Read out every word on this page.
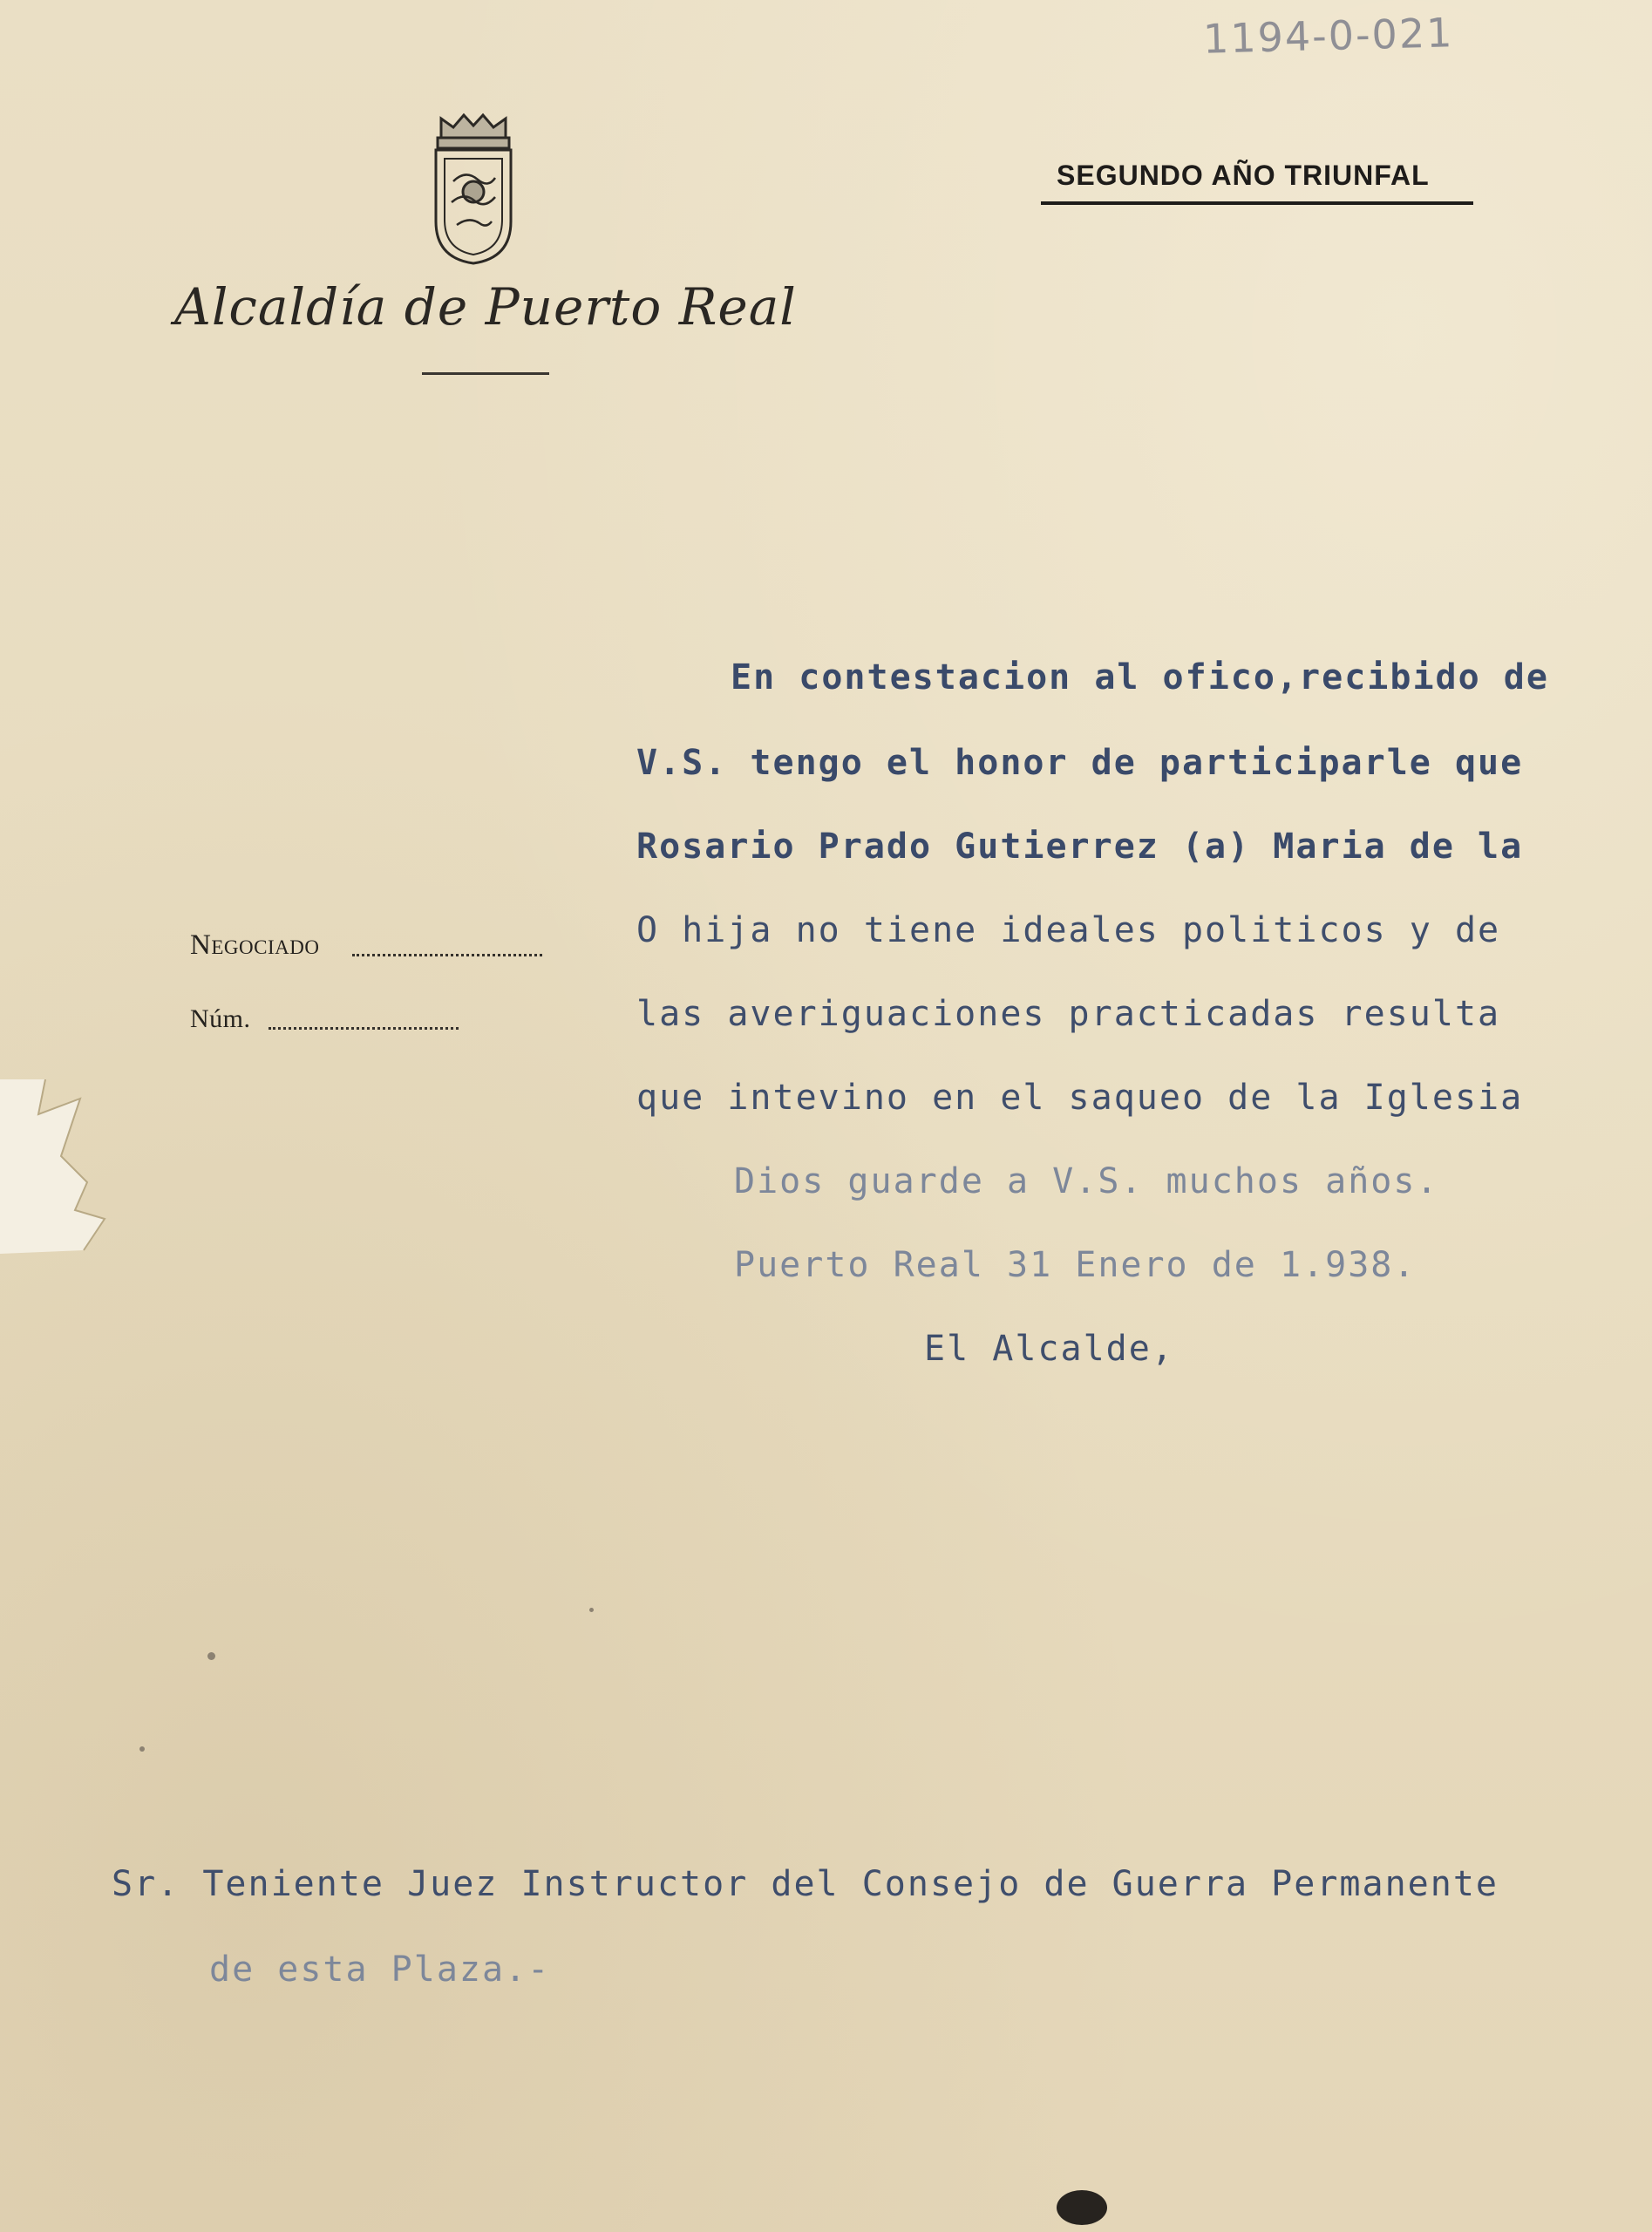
1194-0-021
Alcaldía de Puerto Real
SEGUNDO AÑO TRIUNFAL
Negociado
Núm.
En contestacion al ofico,recibido de
V.S. tengo el honor de participarle que
Rosario Prado Gutierrez (a) Maria de la
O hija no tiene ideales politicos y de
las averiguaciones practicadas resulta
que intevino en el saqueo de la Iglesia
Dios guarde a V.S. muchos años.
Puerto Real 31 Enero de 1.938.
El Alcalde,
Sr. Teniente Juez Instructor del Consejo de Guerra Permanente
de esta Plaza.-
